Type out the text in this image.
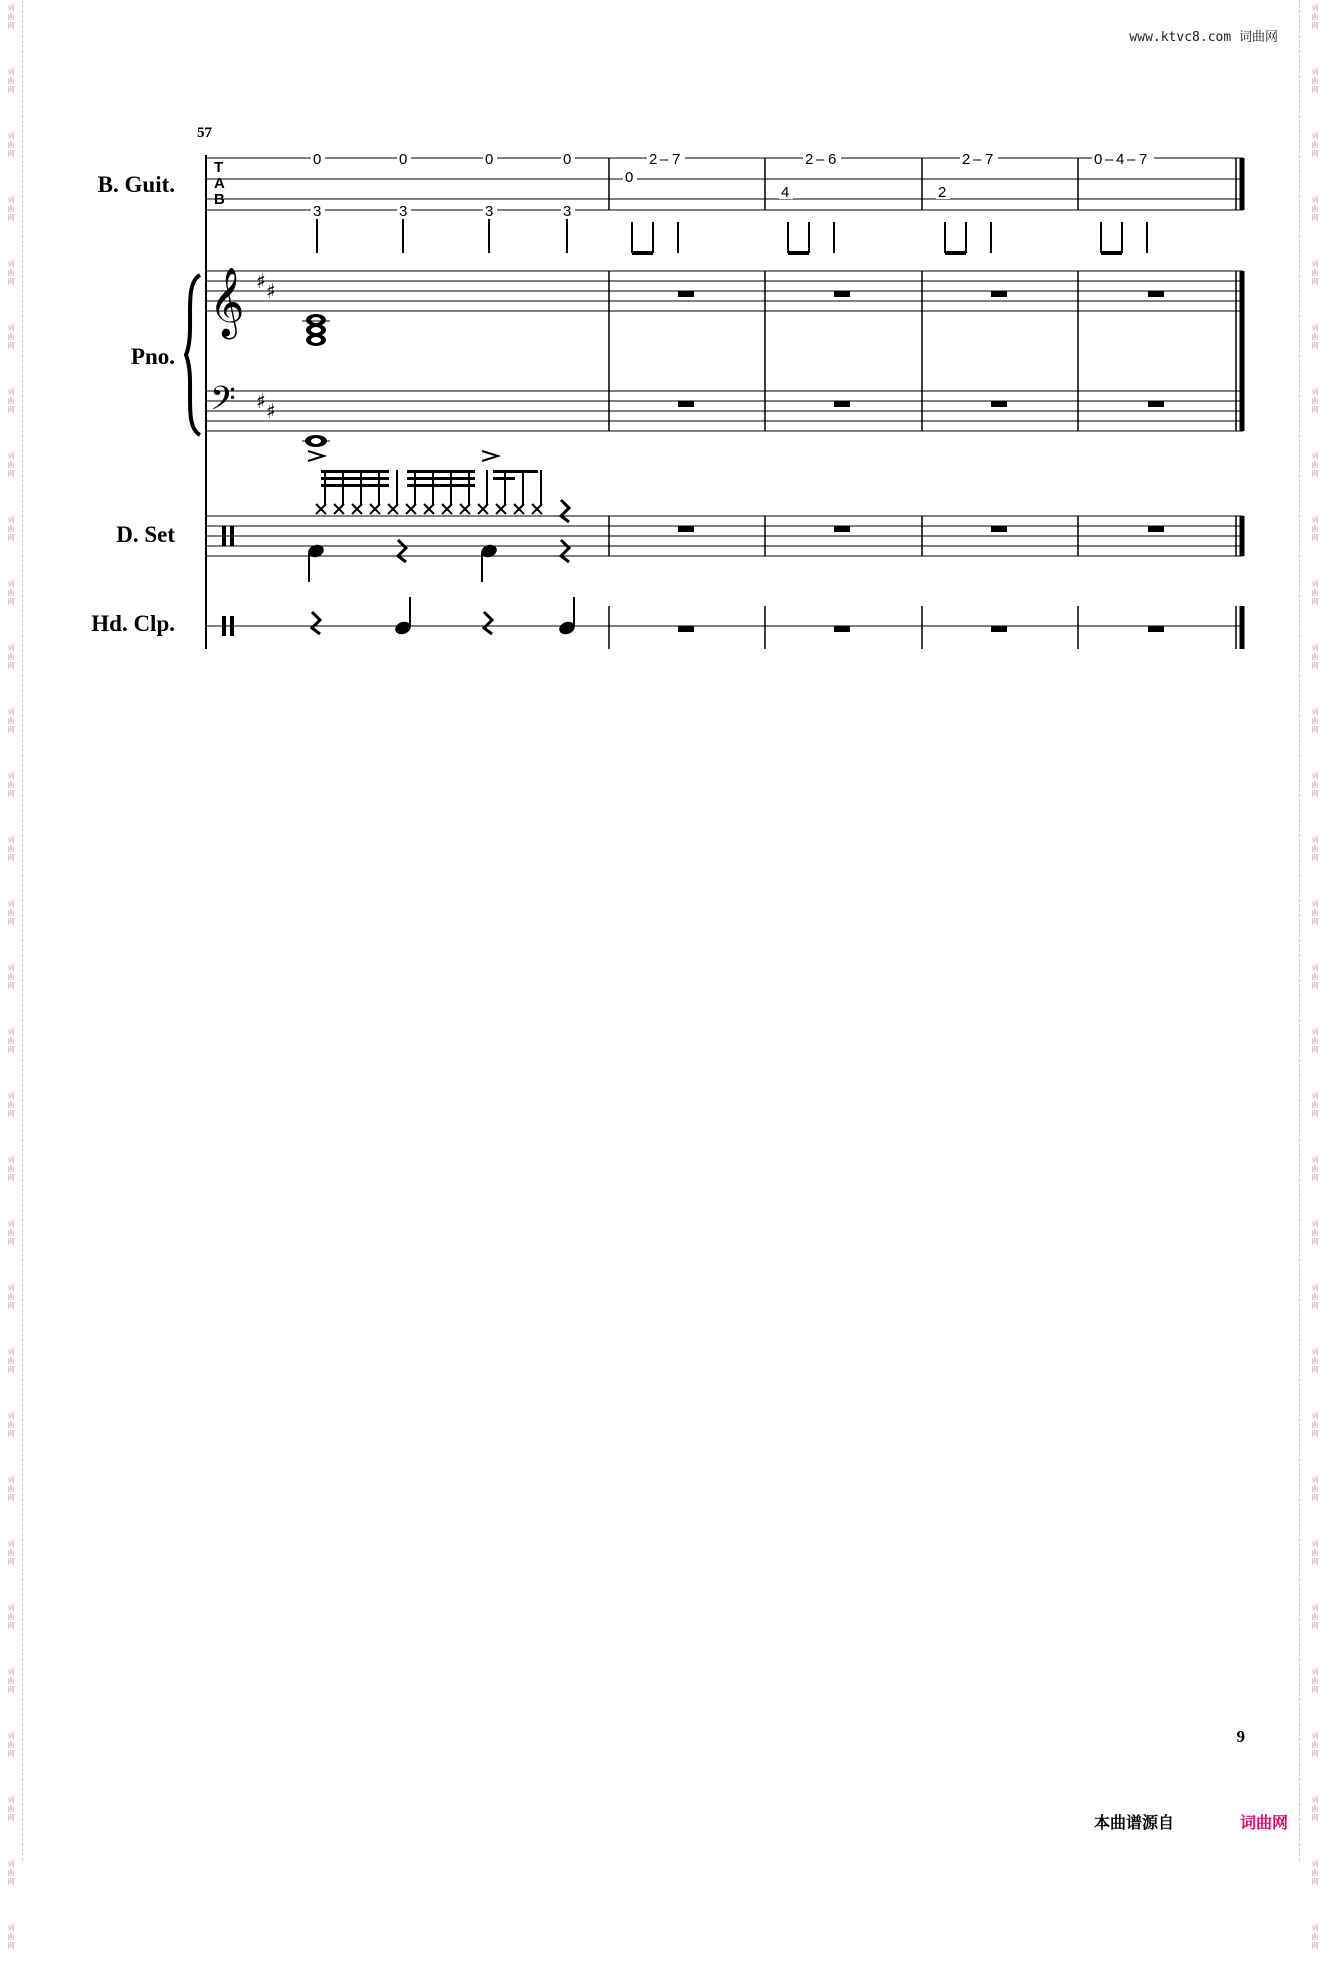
词
曲
网
词
曲
网
词
曲
网
词
曲
网
词
曲
网
词
曲
网
词
曲
网
词
曲
网
词
曲
网
词
曲
网
词
曲
网
词
曲
网
词
曲
网
词
曲
网
词
曲
网
词
曲
网
词
曲
网
词
曲
网
词
曲
网
词
曲
网
词
曲
网
词
曲
网
词
曲
网
词
曲
网
词
曲
网
词
曲
网
词
曲
网
词
曲
网
词
曲
网
词
曲
网
词
曲
网
词
曲
网
词
曲
网
词
曲
网
词
曲
网
词
曲
网
词
曲
网
词
曲
网
词
曲
网
词
曲
网
词
曲
网
词
曲
网
词
曲
网
词
曲
网
词
曲
网
词
曲
网
词
曲
网
词
曲
网
词
曲
网
词
曲
网
词
曲
网
词
曲
网
词
曲
网
词
曲
网
词
曲
网
词
曲
网
词
曲
网
词
曲
网
词
曲
网
词
曲
网
词
曲
网
词
曲
网
www.ktvc8.com 词曲网
57
B. Guit.
Pno.
D. Set
Hd. Clp.
T
A
B
0	0	0	0
3	3	3	3
0
2 – 7
4
2 – 6
2
2 – 7	0 – 4 – 7
𝄞 ♯ ♯
𝄢 ♯ ♯
9
本曲谱源自	词曲网
